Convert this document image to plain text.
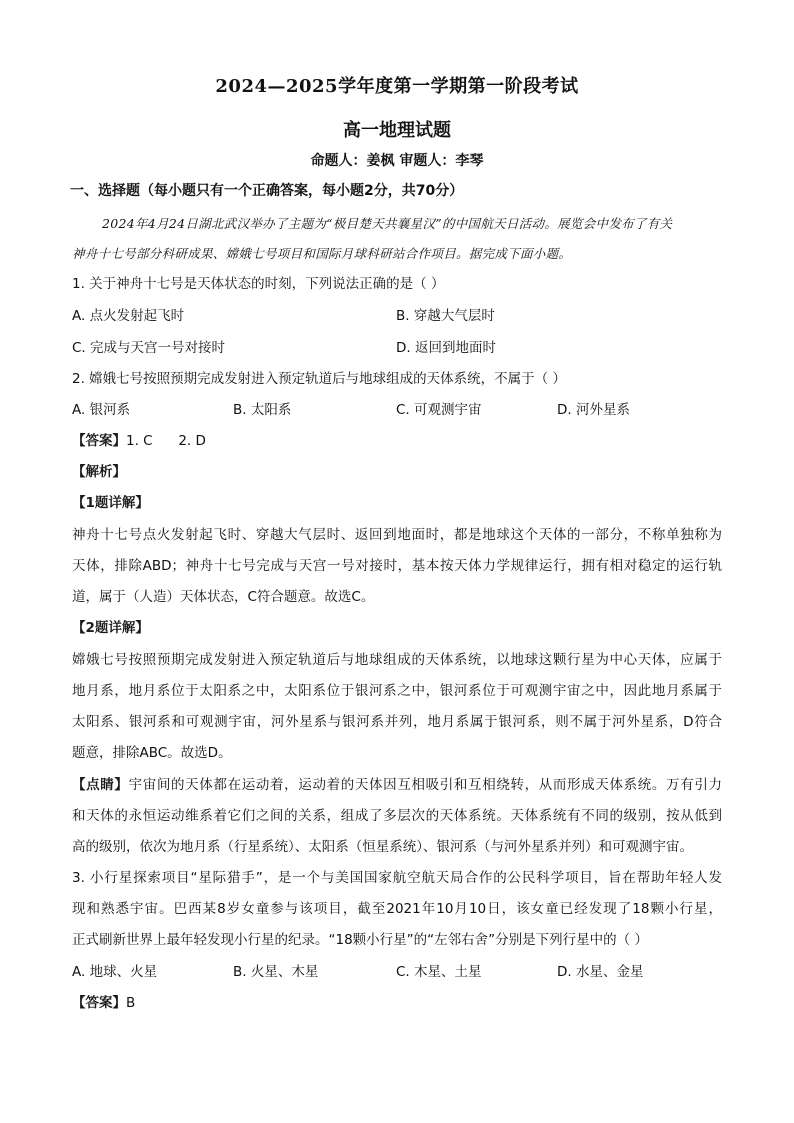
2024—2025学年度第一学期第一阶段考试
高一地理试题
命题人：姜枫 审题人：李琴
一、选择题（每小题只有一个正确答案，每小题2分，共70分）
2024年4月24日湖北武汉举办了主题为“极目楚天共襄星汉”的中国航天日活动。展览会中发布了有关
神舟十七号部分科研成果、嫦娥七号项目和国际月球科研站合作项目。据完成下面小题。
1. 关于神舟十七号是天体状态的时刻，下列说法正确的是（ ）
A. 点火发射起飞时	B. 穿越大气层时
C. 完成与天宫一号对接时	D. 返回到地面时
2. 嫦娥七号按照预期完成发射进入预定轨道后与地球组成的天体系统，不属于（ ）
A. 银河系	B. 太阳系	C. 可观测宇宙	D. 河外星系
【答案】1. C      2. D
【解析】
【1题详解】
神舟十七号点火发射起飞时、穿越大气层时、返回到地面时，都是地球这个天体的一部分，不称单独称为
天体，排除ABD；神舟十七号完成与天宫一号对接时，基本按天体力学规律运行，拥有相对稳定的运行轨
道，属于（人造）天体状态，C符合题意。故选C。
【2题详解】
嫦娥七号按照预期完成发射进入预定轨道后与地球组成的天体系统，以地球这颗行星为中心天体，应属于
地月系，地月系位于太阳系之中，太阳系位于银河系之中，银河系位于可观测宇宙之中，因此地月系属于
太阳系、银河系和可观测宇宙，河外星系与银河系并列，地月系属于银河系，则不属于河外星系，D符合
题意，排除ABC。故选D。
【点睛】宇宙间的天体都在运动着，运动着的天体因互相吸引和互相绕转，从而形成天体系统。万有引力
和天体的永恒运动维系着它们之间的关系，组成了多层次的天体系统。天体系统有不同的级别，按从低到
高的级别，依次为地月系（行星系统）、太阳系（恒星系统）、银河系（与河外星系并列）和可观测宇宙。
3. 小行星探索项目“星际猎手”，是一个与美国国家航空航天局合作的公民科学项目，旨在帮助年轻人发
现和熟悉宇宙。巴西某8岁女童参与该项目，截至2021年10月10日，该女童已经发现了18颗小行星，
正式刷新世界上最年轻发现小行星的纪录。“18颗小行星”的“左邻右舍”分别是下列行星中的（ ）
A. 地球、火星	B. 火星、木星	C. 木星、土星	D. 水星、金星
【答案】B
